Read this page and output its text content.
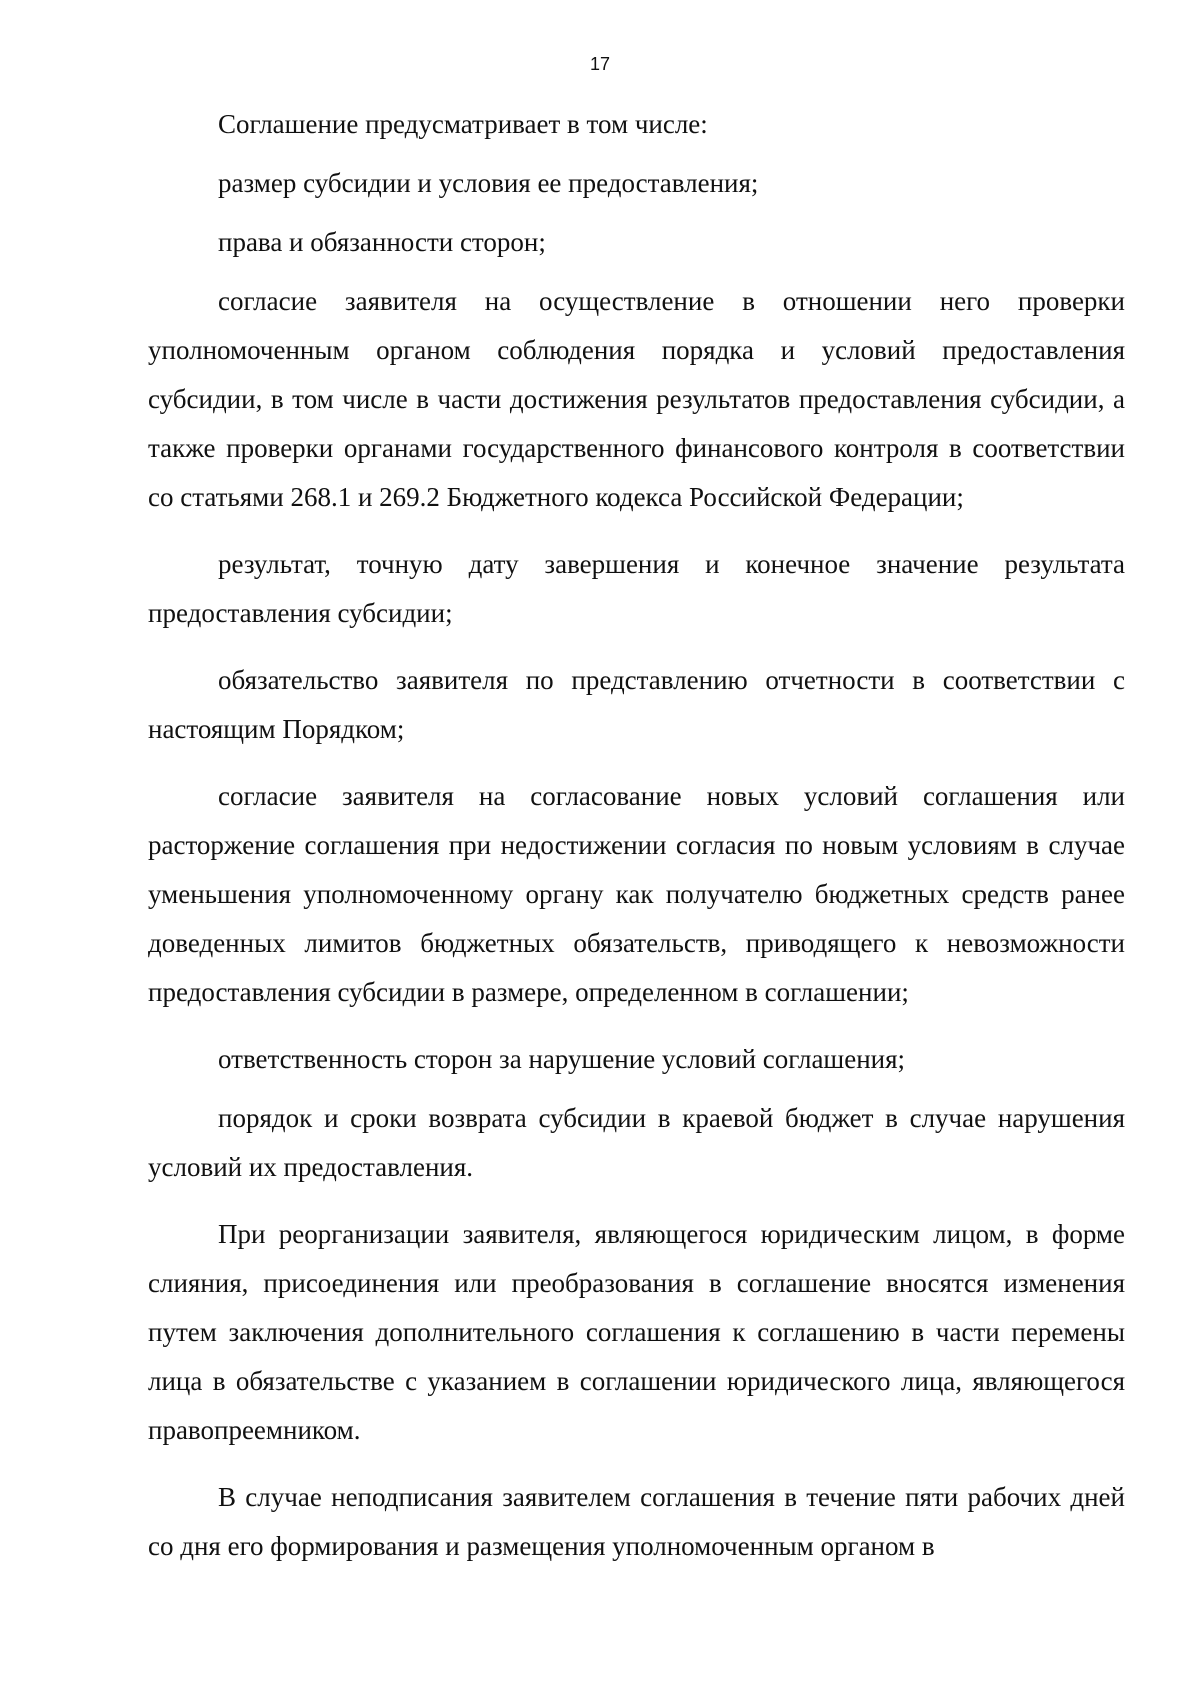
17

Соглашение предусматривает в том числе:

размер субсидии и условия ее предоставления;

права и обязанности сторон;

согласие заявителя на осуществление в отношении него проверки уполномоченным органом соблюдения порядка и условий предоставления субсидии, в том числе в части достижения результатов предоставления субсидии, а также проверки органами государственного финансового контроля в соответствии со статьями 268.1 и 269.2 Бюджетного кодекса Российской Федерации;

результат, точную дату завершения и конечное значение результата предоставления субсидии;

обязательство заявителя по представлению отчетности в соответствии с настоящим Порядком;

согласие заявителя на согласование новых условий соглашения или расторжение соглашения при недостижении согласия по новым условиям в случае уменьшения уполномоченному органу как получателю бюджетных средств ранее доведенных лимитов бюджетных обязательств, приводящего к невозможности предоставления субсидии в размере, определенном в соглашении;

ответственность сторон за нарушение условий соглашения;

порядок и сроки возврата субсидии в краевой бюджет в случае нарушения условий их предоставления.

При реорганизации заявителя, являющегося юридическим лицом, в форме слияния, присоединения или преобразования в соглашение вносятся изменения путем заключения дополнительного соглашения к соглашению в части перемены лица в обязательстве с указанием в соглашении юридического лица, являющегося правопреемником.

В случае неподписания заявителем соглашения в течение пяти рабочих дней со дня его формирования и размещения уполномоченным органом в
